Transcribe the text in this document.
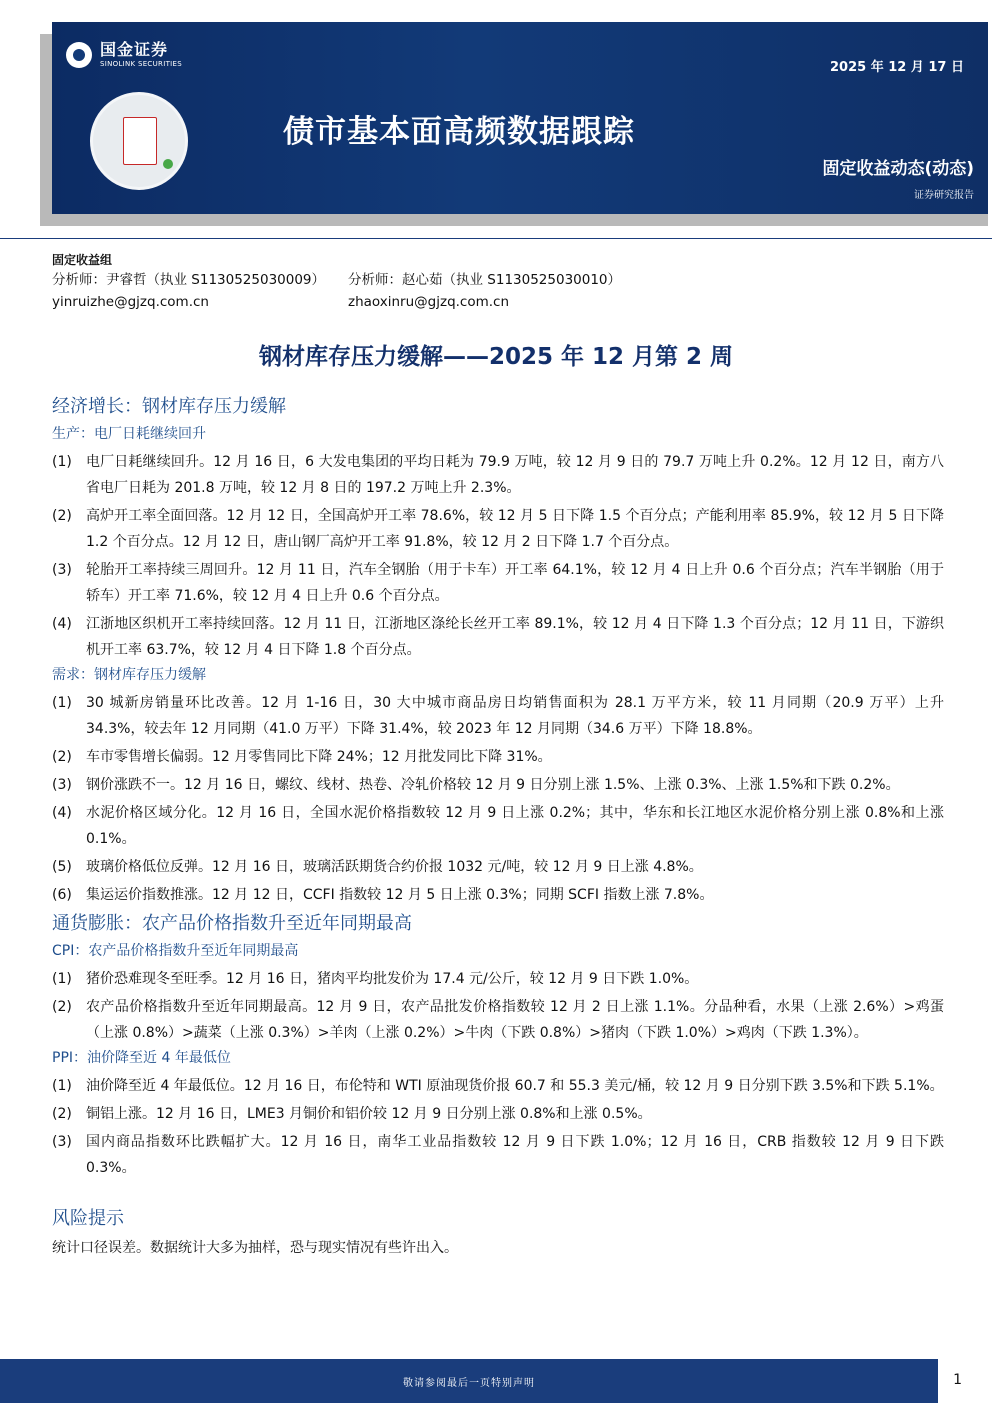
国金证券
SINOLINK SECURITIES	2025 年 12 月 17 日
债市基本面高频数据跟踪
固定收益动态(动态)
证券研究报告
固定收益组
分析师：尹睿哲（执业 S1130525030009）	分析师：赵心茹（执业 S1130525030010）
yinruizhe@gjzq.com.cn	zhaoxinru@gjzq.com.cn
钢材库存压力缓解——2025 年 12 月第 2 周
经济增长：钢材库存压力缓解
生产：电厂日耗继续回升
(1)	电厂日耗继续回升。12 月 16 日，6 大发电集团的平均日耗为 79.9 万吨，较 12 月 9 日的 79.7 万吨上升 0.2%。12 月 12 日，南方八省电厂日耗为 201.8 万吨，较 12 月 8 日的 197.2 万吨上升 2.3%。
(2)	高炉开工率全面回落。12 月 12 日，全国高炉开工率 78.6%，较 12 月 5 日下降 1.5 个百分点；产能利用率 85.9%，较 12 月 5 日下降 1.2 个百分点。12 月 12 日，唐山钢厂高炉开工率 91.8%，较 12 月 2 日下降 1.7 个百分点。
(3)	轮胎开工率持续三周回升。12 月 11 日，汽车全钢胎（用于卡车）开工率 64.1%，较 12 月 4 日上升 0.6 个百分点；汽车半钢胎（用于轿车）开工率 71.6%，较 12 月 4 日上升 0.6 个百分点。
(4)	江浙地区织机开工率持续回落。12 月 11 日，江浙地区涤纶长丝开工率 89.1%，较 12 月 4 日下降 1.3 个百分点；12 月 11 日，下游织机开工率 63.7%，较 12 月 4 日下降 1.8 个百分点。
需求：钢材库存压力缓解
(1)	30 城新房销量环比改善。12 月 1-16 日，30 大中城市商品房日均销售面积为 28.1 万平方米，较 11 月同期（20.9 万平）上升 34.3%，较去年 12 月同期（41.0 万平）下降 31.4%，较 2023 年 12 月同期（34.6 万平）下降 18.8%。
(2)	车市零售增长偏弱。12 月零售同比下降 24%；12 月批发同比下降 31%。
(3)	钢价涨跌不一。12 月 16 日，螺纹、线材、热卷、冷轧价格较 12 月 9 日分别上涨 1.5%、上涨 0.3%、上涨 1.5%和下跌 0.2%。
(4)	水泥价格区域分化。12 月 16 日，全国水泥价格指数较 12 月 9 日上涨 0.2%；其中，华东和长江地区水泥价格分别上涨 0.8%和上涨 0.1%。
(5)	玻璃价格低位反弹。12 月 16 日，玻璃活跃期货合约价报 1032 元/吨，较 12 月 9 日上涨 4.8%。
(6)	集运运价指数推涨。12 月 12 日，CCFI 指数较 12 月 5 日上涨 0.3%；同期 SCFI 指数上涨 7.8%。
通货膨胀：农产品价格指数升至近年同期最高
CPI：农产品价格指数升至近年同期最高
(1)	猪价恐难现冬至旺季。12 月 16 日，猪肉平均批发价为 17.4 元/公斤，较 12 月 9 日下跌 1.0%。
(2)	农产品价格指数升至近年同期最高。12 月 9 日，农产品批发价格指数较 12 月 2 日上涨 1.1%。分品种看，水果（上涨 2.6%）>鸡蛋（上涨 0.8%）>蔬菜（上涨 0.3%）>羊肉（上涨 0.2%）>牛肉（下跌 0.8%）>猪肉（下跌 1.0%）>鸡肉（下跌 1.3%）。
PPI：油价降至近 4 年最低位
(1)	油价降至近 4 年最低位。12 月 16 日，布伦特和 WTI 原油现货价报 60.7 和 55.3 美元/桶，较 12 月 9 日分别下跌 3.5%和下跌 5.1%。
(2)	铜铝上涨。12 月 16 日，LME3 月铜价和铝价较 12 月 9 日分别上涨 0.8%和上涨 0.5%。
(3)	国内商品指数环比跌幅扩大。12 月 16 日，南华工业品指数较 12 月 9 日下跌 1.0%；12 月 16 日，CRB 指数较 12 月 9 日下跌 0.3%。
风险提示
统计口径误差。数据统计大多为抽样，恐与现实情况有些许出入。
敬请参阅最后一页特别声明	1
